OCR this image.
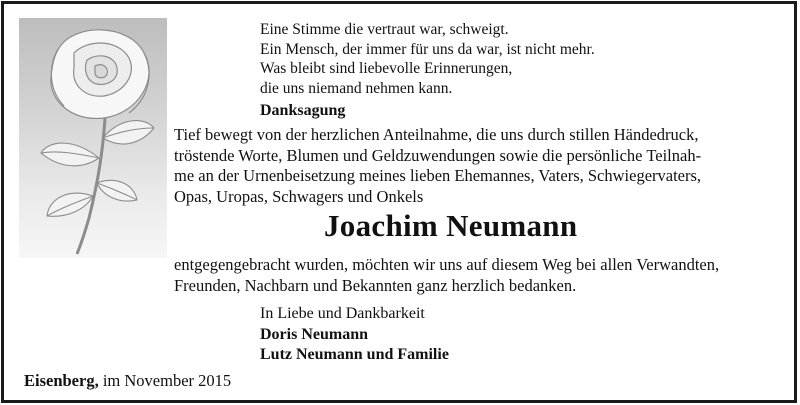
Eine Stimme die vertraut war, schweigt.
Ein Mensch, der immer für uns da war, ist nicht mehr.
Was bleibt sind liebevolle Erinnerungen,
die uns niemand nehmen kann.
Danksagung
Tief bewegt von der herzlichen Anteilnahme, die uns durch stillen Händedruck,
tröstende Worte, Blumen und Geldzuwendungen sowie die persönliche Teilnah-
me an der Urnenbeisetzung meines lieben Ehemannes, Vaters, Schwiegervaters,
Opas, Uropas, Schwagers und Onkels
Joachim Neumann
entgegengebracht wurden, möchten wir uns auf diesem Weg bei allen Verwandten,
Freunden, Nachbarn und Bekannten ganz herzlich bedanken.
In Liebe und Dankbarkeit
Doris Neumann
Lutz Neumann und Familie
Eisenberg, im November 2015
